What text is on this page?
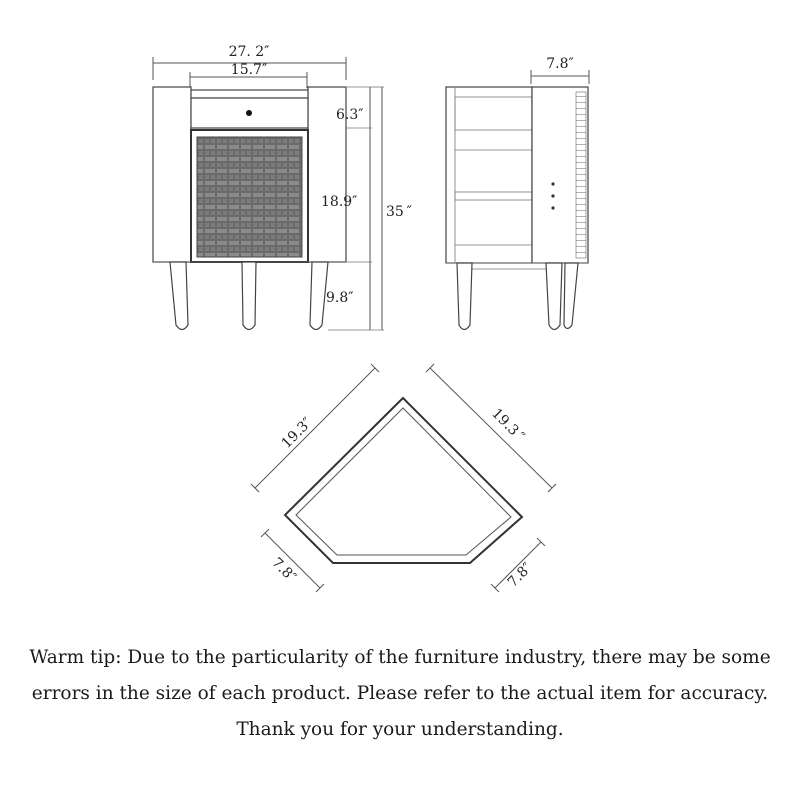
27. 2″
15.7″
6.3″
18.9″
35 ″
9.8″
7.8″
19.3″	19.3 ″
7.8″	7.8″

Warm tip: Due to the particularity of the furniture industry, there may be some errors in the size of each product. Please refer to the actual item for accuracy. Thank you for your understanding.
